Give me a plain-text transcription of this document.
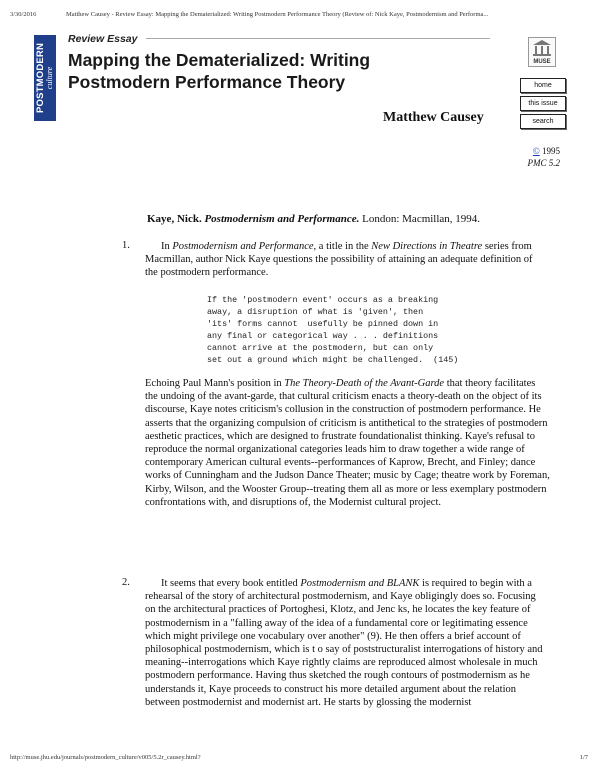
3/30/2016	Matthew Causey - Review Essay: Mapping the Dematerialized: Writing Postmodern Performance Theory (Review of: Nick Kaye, Postmodernism and Performa...
POSTMODERN
culture
Review Essay
Mapping the Dematerialized: Writing Postmodern Performance Theory
Matthew Causey
MUSE
home
this issue
search
© 1995
PMC 5.2

Kaye, Nick. Postmodernism and Performance. London: Macmillan, 1994.

1.	In Postmodernism and Performance, a title in the New Directions in Theatre series from Macmillan, author Nick Kaye questions the possibility of attaining an adequate definition of the postmodern performance.

If the 'postmodern event' occurs as a breaking
away, a disruption of what is 'given', then
'its' forms cannot  usefully be pinned down in
any final or categorical way . . . definitions
cannot arrive at the postmodern, but can only
set out a ground which might be challenged.  (145)

Echoing Paul Mann's position in The Theory-Death of the Avant-Garde that theory facilitates the undoing of the avant-garde, that cultural criticism enacts a theory-death on the object of its discourse, Kaye notes criticism's collusion in the construction of postmodern performance. He asserts that the organizing compulsion of criticism is antithetical to the strategies of postmodern aesthetic practices, which are designed to frustrate foundationalist thinking. Kaye's refusal to reproduce the normal organizational categories leads him to draw together a wide range of contemporary American cultural events--performances of Kaprow, Brecht, and Finley; dance works of Cunningham and the Judson Dance Theater; music by Cage; theatre work by Foreman, Kirby, Wilson, and the Wooster Group--treating them all as more or less exemplary postmodern confrontations with, and disruptions of, the Modernist cultural project.

2.	It seems that every book entitled Postmodernism and BLANK is required to begin with a rehearsal of the story of architectural postmodernism, and Kaye obligingly does so. Focusing on the architectural practices of Portoghesi, Klotz, and Jenc ks, he locates the key feature of postmodernism in a "falling away of the idea of a fundamental core or legitimating essence which might privilege one vocabulary over another" (9). He then offers a brief account of philosophical postmodernism, which is t o say of poststructuralist interrogations of history and meaning--interrogations which Kaye rightly claims are reproduced almost wholesale in much postmodern performance. Having thus sketched the rough contours of postmodernism as he understands it, Kaye proceeds to construct his more detailed argument about the relation between postmodernist and modernist art. He starts by glossing the modernist

http://muse.jhu.edu/journals/postmodern_culture/v005/5.2r_causey.html?	1/7
